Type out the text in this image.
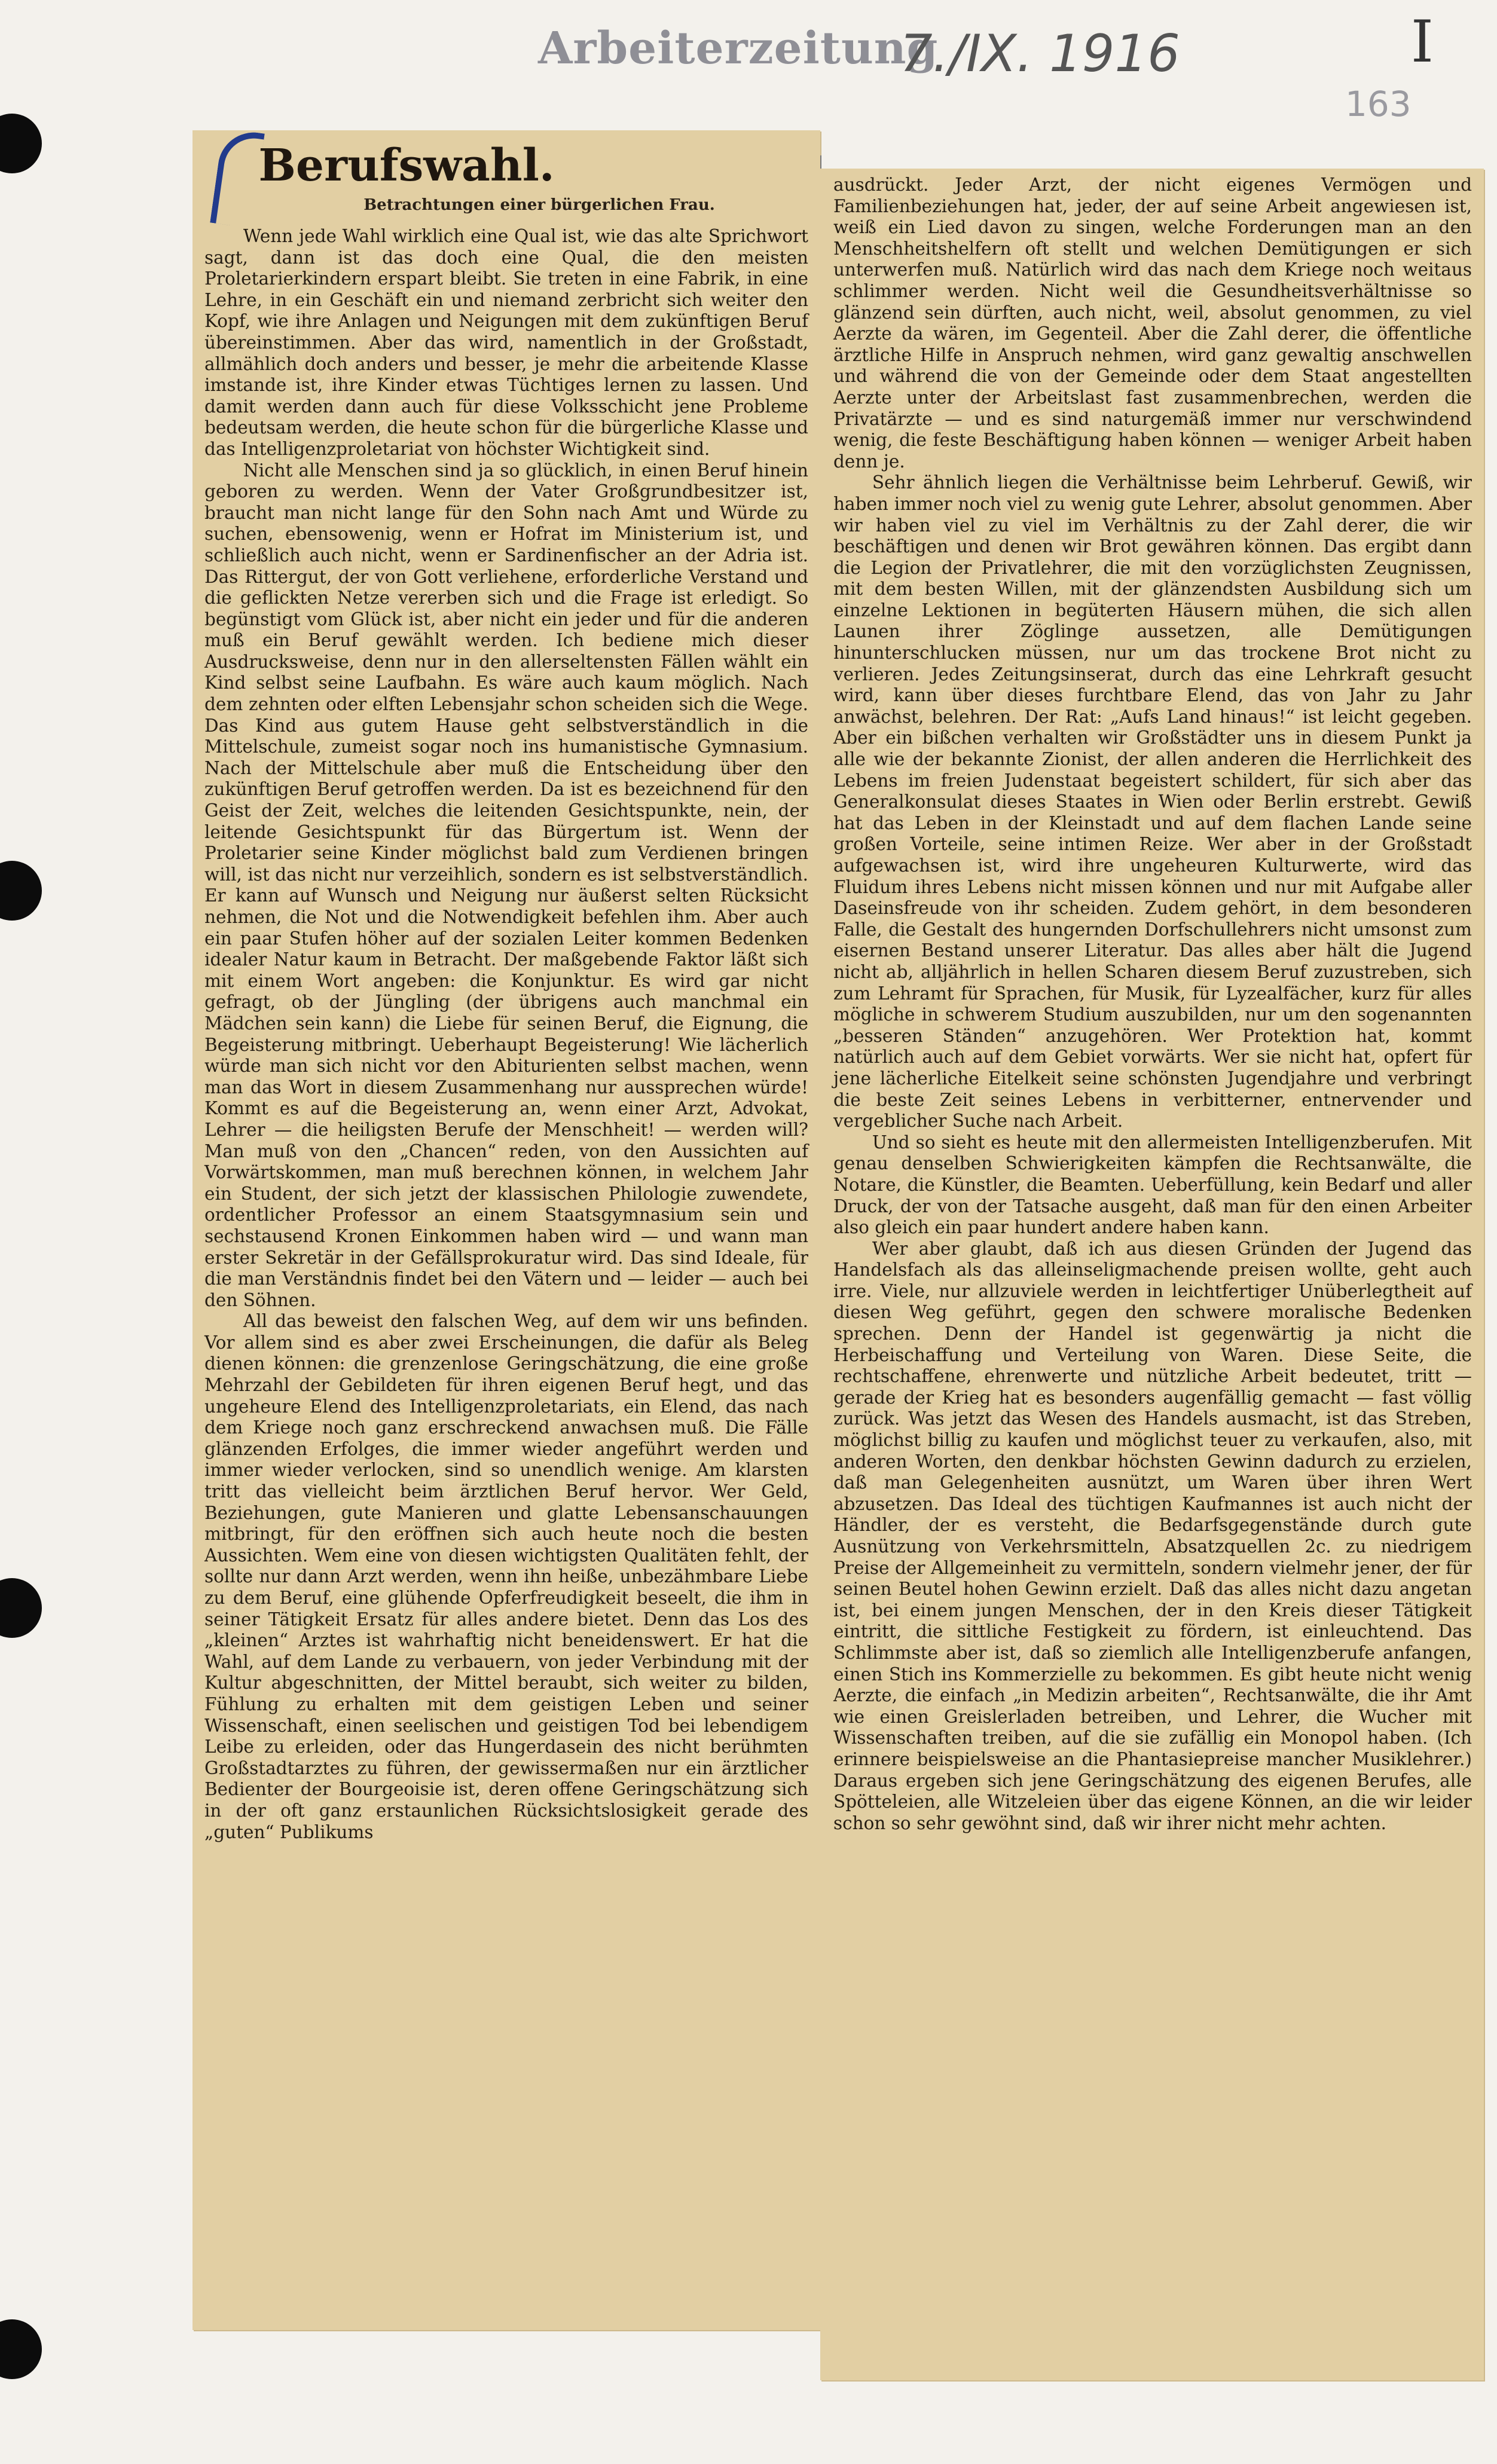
Arbeiterzeitung
7./IX. 1916	I
163
Betrachtungen einer bürgerlichen Frau.

Wenn jede Wahl wirklich eine Qual ist, wie das alte Sprichwort sagt, dann ist das doch eine Qual, die den meisten Proletarierkindern erspart bleibt. Sie treten in eine Fabrik, in eine Lehre, in ein Geschäft ein und niemand zerbricht sich weiter den Kopf, wie ihre Anlagen und Neigungen mit dem zukünftigen Beruf übereinstimmen. Aber das wird, namentlich in der Großstadt, allmählich doch anders und besser, je mehr die arbeitende Klasse imstande ist, ihre Kinder etwas Tüchtiges lernen zu lassen. Und damit werden dann auch für diese Volksschicht jene Probleme bedeutsam werden, die heute schon für die bürgerliche Klasse und das Intelligenzproletariat von höchster Wichtigkeit sind.

Nicht alle Menschen sind ja so glücklich, in einen Beruf hinein geboren zu werden. Wenn der Vater Großgrundbesitzer ist, braucht man nicht lange für den Sohn nach Amt und Würde zu suchen, ebensowenig, wenn er Hofrat im Ministerium ist, und schließlich auch nicht, wenn er Sardinenfischer an der Adria ist. Das Rittergut, der von Gott verliehene, erforderliche Verstand und die geflickten Netze vererben sich und die Frage ist erledigt. So begünstigt vom Glück ist, aber nicht ein jeder und für die anderen muß ein Beruf gewählt werden. Ich bediene mich dieser Ausdrucksweise, denn nur in den allerseltensten Fällen wählt ein Kind selbst seine Laufbahn. Es wäre auch kaum möglich. Nach dem zehnten oder elften Lebensjahr schon scheiden sich die Wege. Das Kind aus gutem Hause geht selbstverständlich in die Mittelschule, zumeist sogar noch ins humanistische Gymnasium. Nach der Mittelschule aber muß die Entscheidung über den zukünftigen Beruf getroffen werden. Da ist es bezeichnend für den Geist der Zeit, welches die leitenden Gesichtspunkte, nein, der leitende Gesichtspunkt für das Bürgertum ist. Wenn der Proletarier seine Kinder möglichst bald zum Verdienen bringen will, ist das nicht nur verzeihlich, sondern es ist selbstverständlich. Er kann auf Wunsch und Neigung nur äußerst selten Rücksicht nehmen, die Not und die Notwendigkeit befehlen ihm. Aber auch ein paar Stufen höher auf der sozialen Leiter kommen Bedenken idealer Natur kaum in Betracht. Der maßgebende Faktor läßt sich mit einem Wort angeben: die Konjunktur. Es wird gar nicht gefragt, ob der Jüngling (der übrigens auch manchmal ein Mädchen sein kann) die Liebe für seinen Beruf, die Eignung, die Begeisterung mitbringt. Ueberhaupt Begeisterung! Wie lächerlich würde man sich nicht vor den Abiturienten selbst machen, wenn man das Wort in diesem Zusammenhang nur aussprechen würde! Kommt es auf die Begeisterung an, wenn einer Arzt, Advokat, Lehrer — die heiligsten Berufe der Menschheit! — werden will? Man muß von den „Chancen“ reden, von den Aussichten auf Vorwärtskommen, man muß berechnen können, in welchem Jahr ein Student, der sich jetzt der klassischen Philologie zuwendete, ordentlicher Professor an einem Staatsgymnasium sein und sechstausend Kronen Einkommen haben wird — und wann man erster Sekretär in der Gefällsprokuratur wird. Das sind Ideale, für die man Verständnis findet bei den Vätern und — leider — auch bei den Söhnen.

All das beweist den falschen Weg, auf dem wir uns befinden. Vor allem sind es aber zwei Erscheinungen, die dafür als Beleg dienen können: die grenzenlose Geringschätzung, die eine große Mehrzahl der Gebildeten für ihren eigenen Beruf hegt, und das ungeheure Elend des Intelligenzproletariats, ein Elend, das nach dem Kriege noch ganz erschreckend anwachsen muß. Die Fälle glänzenden Erfolges, die immer wieder angeführt werden und immer wieder verlocken, sind so unendlich wenige. Am klarsten tritt das vielleicht beim ärztlichen Beruf hervor. Wer Geld, Beziehungen, gute Manieren und glatte Lebensanschauungen mitbringt, für den eröffnen sich auch heute noch die besten Aussichten. Wem eine von diesen wichtigsten Qualitäten fehlt, der sollte nur dann Arzt werden, wenn ihn heiße, unbezähmbare Liebe zu dem Beruf, eine glühende Opferfreudigkeit beseelt, die ihm in seiner Tätigkeit Ersatz für alles andere bietet. Denn das Los des „kleinen“ Arztes ist wahrhaftig nicht beneidenswert. Er hat die Wahl, auf dem Lande zu verbauern, von jeder Verbindung mit der Kultur abgeschnitten, der Mittel beraubt, sich weiter zu bilden, Fühlung zu erhalten mit dem geistigen Leben und seiner Wissenschaft, einen seelischen und geistigen Tod bei lebendigem Leibe zu erleiden, oder das Hungerdasein des nicht berühmten Großstadtarztes zu führen, der gewissermaßen nur ein ärztlicher Bedienter der Bourgeoisie ist, deren offene Geringschätzung sich in der oft ganz erstaunlichen Rücksichtslosigkeit gerade des „guten“ Publikums

Berufswahl.	ausdrückt. Jeder Arzt, der nicht eigenes Vermögen und Familienbeziehungen hat, jeder, der auf seine Arbeit angewiesen ist, weiß ein Lied davon zu singen, welche Forderungen man an den Menschheitshelfern oft stellt und welchen Demütigungen er sich unterwerfen muß. Natürlich wird das nach dem Kriege noch weitaus schlimmer werden. Nicht weil die Gesundheitsverhältnisse so glänzend sein dürften, auch nicht, weil, absolut genommen, zu viel Aerzte da wären, im Gegenteil. Aber die Zahl derer, die öffentliche ärztliche Hilfe in Anspruch nehmen, wird ganz gewaltig anschwellen und während die von der Gemeinde oder dem Staat angestellten Aerzte unter der Arbeitslast fast zusammenbrechen, werden die Privatärzte — und es sind naturgemäß immer nur verschwindend wenig, die feste Beschäftigung haben können — weniger Arbeit haben denn je.

Sehr ähnlich liegen die Verhältnisse beim Lehrberuf. Gewiß, wir haben immer noch viel zu wenig gute Lehrer, absolut genommen. Aber wir haben viel zu viel im Verhältnis zu der Zahl derer, die wir beschäftigen und denen wir Brot gewähren können. Das ergibt dann die Legion der Privatlehrer, die mit den vorzüglichsten Zeugnissen, mit dem besten Willen, mit der glänzendsten Ausbildung sich um einzelne Lektionen in begüterten Häusern mühen, die sich allen Launen ihrer Zöglinge aussetzen, alle Demütigungen hinunterschlucken müssen, nur um das trockene Brot nicht zu verlieren. Jedes Zeitungsinserat, durch das eine Lehrkraft gesucht wird, kann über dieses furchtbare Elend, das von Jahr zu Jahr anwächst, belehren. Der Rat: „Aufs Land hinaus!“ ist leicht gegeben. Aber ein bißchen verhalten wir Großstädter uns in diesem Punkt ja alle wie der bekannte Zionist, der allen anderen die Herrlichkeit des Lebens im freien Judenstaat begeistert schildert, für sich aber das Generalkonsulat dieses Staates in Wien oder Berlin erstrebt. Gewiß hat das Leben in der Kleinstadt und auf dem flachen Lande seine großen Vorteile, seine intimen Reize. Wer aber in der Großstadt aufgewachsen ist, wird ihre ungeheuren Kulturwerte, wird das Fluidum ihres Lebens nicht missen können und nur mit Aufgabe aller Daseinsfreude von ihr scheiden. Zudem gehört, in dem besonderen Falle, die Gestalt des hungernden Dorfschullehrers nicht umsonst zum eisernen Bestand unserer Literatur. Das alles aber hält die Jugend nicht ab, alljährlich in hellen Scharen diesem Beruf zuzustreben, sich zum Lehramt für Sprachen, für Musik, für Lyzealfächer, kurz für alles mögliche in schwerem Studium auszubilden, nur um den sogenannten „besseren Ständen“ anzugehören. Wer Protektion hat, kommt natürlich auch auf dem Gebiet vorwärts. Wer sie nicht hat, opfert für jene lächerliche Eitelkeit seine schönsten Jugendjahre und verbringt die beste Zeit seines Lebens in verbitterner, entnervender und vergeblicher Suche nach Arbeit.

Und so sieht es heute mit den allermeisten Intelligenzberufen. Mit genau denselben Schwierigkeiten kämpfen die Rechtsanwälte, die Notare, die Künstler, die Beamten. Ueberfüllung, kein Bedarf und aller Druck, der von der Tatsache ausgeht, daß man für den einen Arbeiter also gleich ein paar hundert andere haben kann.

Wer aber glaubt, daß ich aus diesen Gründen der Jugend das Handelsfach als das alleinseligmachende preisen wollte, geht auch irre. Viele, nur allzuviele werden in leichtfertiger Unüberlegtheit auf diesen Weg geführt, gegen den schwere moralische Bedenken sprechen. Denn der Handel ist gegenwärtig ja nicht die Herbeischaffung und Verteilung von Waren. Diese Seite, die rechtschaffene, ehrenwerte und nützliche Arbeit bedeutet, tritt — gerade der Krieg hat es besonders augenfällig gemacht — fast völlig zurück. Was jetzt das Wesen des Handels ausmacht, ist das Streben, möglichst billig zu kaufen und möglichst teuer zu verkaufen, also, mit anderen Worten, den denkbar höchsten Gewinn dadurch zu erzielen, daß man Gelegenheiten ausnützt, um Waren über ihren Wert abzusetzen. Das Ideal des tüchtigen Kaufmannes ist auch nicht der Händler, der es versteht, die Bedarfsgegenstände durch gute Ausnützung von Verkehrsmitteln, Absatzquellen 2c. zu niedrigem Preise der Allgemeinheit zu vermitteln, sondern vielmehr jener, der für seinen Beutel hohen Gewinn erzielt. Daß das alles nicht dazu angetan ist, bei einem jungen Menschen, der in den Kreis dieser Tätigkeit eintritt, die sittliche Festigkeit zu fördern, ist einleuchtend. Das Schlimmste aber ist, daß so ziemlich alle Intelligenzberufe anfangen, einen Stich ins Kommerzielle zu bekommen. Es gibt heute nicht wenig Aerzte, die einfach „in Medizin arbeiten“, Rechtsanwälte, die ihr Amt wie einen Greislerladen betreiben, und Lehrer, die Wucher mit Wissenschaften treiben, auf die sie zufällig ein Monopol haben. (Ich erinnere beispielsweise an die Phantasiepreise mancher Musiklehrer.) Daraus ergeben sich jene Geringschätzung des eigenen Berufes, alle Spötteleien, alle Witzeleien über das eigene Können, an die wir leider schon so sehr gewöhnt sind, daß wir ihrer nicht mehr achten.
